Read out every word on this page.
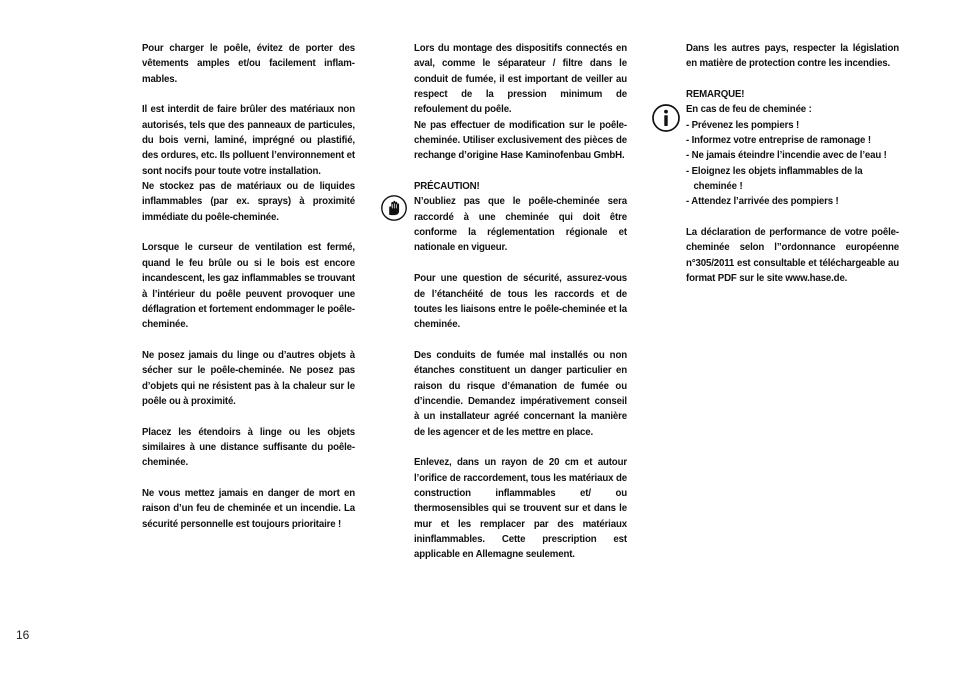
Pour charger le poêle, évitez de porter des vêtements amples et/ou facilement inflammables.

Il est interdit de faire brûler des matériaux non autorisés, tels que des panneaux de particules, du bois verni, laminé, imprégné ou plastifié, des ordures, etc. Ils polluent l’environnement et sont nocifs pour toute votre installation.

Ne stockez pas de matériaux ou de liquides inflammables (par ex. sprays) à proximité immédiate du poêle-cheminée.

Lorsque le curseur de ventilation est fermé, quand le feu brûle ou si le bois est encore incandescent, les gaz inflammables se trouvant à l’intérieur du poêle peuvent provoquer une déflagration et fortement endommager le poêle-cheminée.

Ne posez jamais du linge ou d’autres objets à sécher sur le poêle-cheminée. Ne posez pas d’objets qui ne résistent pas à la chaleur sur le poêle ou à proximité.

Placez les étendoirs à linge ou les objets similaires à une distance suffisante du poêle-cheminée.

Ne vous mettez jamais en danger de mort en raison d’un feu de cheminée et un incendie. La sécurité personnelle est toujours prioritaire !

Lors du montage des dispositifs connectés en aval, comme le séparateur / filtre dans le conduit de fumée, il est important de veiller au respect de la pression minimum de refoulement du poêle.

Ne pas effectuer de modification sur le poêle-cheminée. Utiliser exclusivement des pièces de rechange d’origine Hase Kaminofenbau GmbH.

PRÉCAUTION!
N’oubliez pas que le poêle-cheminée sera raccordé à une cheminée qui doit être conforme la réglementation régionale et nationale en vigueur.

Pour une question de sécurité, assurez-vous de l’étanchéité de tous les raccords et de toutes les liaisons entre le poêle-cheminée et la cheminée.

Des conduits de fumée mal installés ou non étanches constituent un danger particulier en raison du risque d’émanation de fumée ou d’incendie. Demandez impérativement conseil à un installateur agréé concernant la manière de les agencer et de les mettre en place.

Enlevez, dans un rayon de 20 cm et autour l’orifice de raccordement, tous les matériaux de construction inflammables et/ ou thermosensibles qui se trouvent sur et dans le mur et les remplacer par des matériaux ininflammables. Cette prescription est applicable en Allemagne seulement.

Dans les autres pays, respecter la législation en matière de protection contre les incendies.

REMARQUE!
En cas de feu de cheminée :
- Prévenez les pompiers !
- Informez votre entreprise de ramonage !
- Ne jamais éteindre l’incendie avec de l’eau !
- Eloignez les objets inflammables de la cheminée !
- Attendez l’arrivée des pompiers !

La déclaration de performance de votre poêle-cheminée selon l’’ordonnance européenne n°305/2011 est consultable et téléchargeable au format PDF sur le site www.hase.de.

16
